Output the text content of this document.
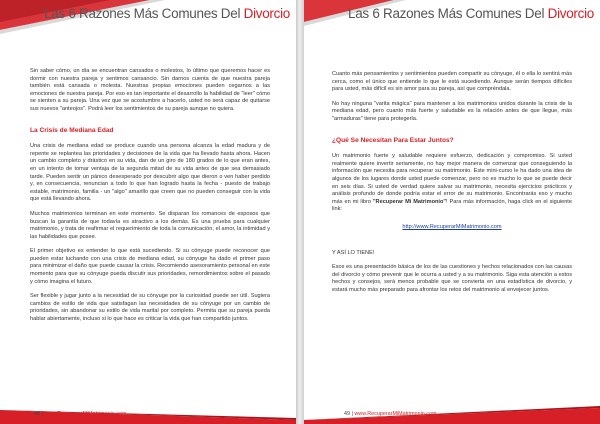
Las 6 Razones Más Comunes Del Divorcio

Sin saber cómo, un día se encuentran cansados o molestos, lo último que queremos hacer es dormir con nuestra pareja y sentimos cansancio. Sin darnos cuenta de que nuestra pareja también está cansada o molesta. Nuestras propias emociones pueden cegarnos a las emociones de nuestra pareja. Por eso es tan importante el desarrollo la habilidad de "leer" cómo se sienten a su pareja. Una vez que se acostumbre a hacerlo, usted no será capaz de quitarse sus nuevos "anteojos". Podrá leer los sentimientos de su pareja aunque no quiera.

La Crisis de Mediana Edad

Una crisis de mediana edad se produce cuando una persona alcanza la edad madura y de repente se replantea las prioridades y decisiones de la vida que ha llevado hasta ahora. Hacen un cambio completo y drástico en su vida, dan de un giro de 180 grados de lo que eran antes, en un intento de tomar ventaja de la segunda mitad de su vida antes de que sea demasiado tarde. Pueden sentir un pánico desesperado por descubrir algo que dieron o ven haber perdido y, en consecuencia, renuncian a todo lo que han logrado hasta la fecha - puesto de trabajo estable, matrimonio, familia - un "algo" amarillo que creen que no pueden conseguir con la vida que está llevando ahora.

Muchos matrimonios terminan en este momento. Se disparan los romances de esposos que buscan la garantía de que todavía es atractivo a los demás. Es una prueba para cualquier matrimonio, y trata de reafirmar el requerimiento de toda la comunicación, el amor, la intimidad y las habilidades que posee.

El primer objetivo es entender lo que está sucediendo. Si su cónyuge puede reconocer que pueden estar luchando con una crisis de mediana edad, su cónyuge ha dado el primer paso para minimizar el daño que puede causar la crisis. Recomiendo asesoramiento personal en este momento para que su cónyuge pueda discutir sus prioridades, remordimientos sobre el pasado y cómo imagina el futuro.

Ser flexible y jugar junto a la necesidad de su cónyuge por la curiosidad puede ser útil. Sugiera cambios de estilo de vida que satisfagan las necesidades de su cónyuge por un cambio de prioridades, sin abandonar su estilo de vida marital por completo. Permita que su pareja pueda hablar abiertamente, incluso si lo que hace es criticar la vida que han compartido juntos.

48 | www.RecuperarMiMatrimonio.com
Las 6 Razones Más Comunes Del Divorcio

Cuanto más pensamientos y sentimientos pueden compartir su cónyuge, él o ella lo sentirá más cerca, como el único que entiende lo que le está sucediendo. Aunque serán tiempos difíciles para usted, más difícil es sin amor para su pareja, así que compréndala.

No hay ninguna "varita mágica" para mantener a los matrimonios unidos durante la crisis de la mediana edad, pero cuanto más fuerte y saludable es la relación antes de que llegue, más "armaduras" tiene para protegerla.

¿Qué Se Necesitan Para Estar Juntos?

Un matrimonio fuerte y saludable requiere esfuerzo, dedicación y compromiso. Si usted realmente quiere invertir seriamente, no hay mejor manera de comenzar que conseguiendo la información que necesita para recuperar su matrimonio. Este mini-curso le ha dado una idea de algunos de los lugares donde usted puede comenzar, pero no es mucho lo que se puede decir en seis días. Si usted de verdad quiere salvar su matrimonio, necesita ejercicios prácticos y análisis profundo de donde podría estar el error de su matrimonio. Encontrarás eso y mucho más en mi libro "Recuperar Mi Matrimonio"! Para más información, haga click en el siguiente link:

http://www.RecuperarMiMatrimonio.com

Y ASÍ LO TIENE!

Esos es una presentación básica de los de las cuestiones y hechos relacionados con las causas del divorcio y cómo prevenir que le ocurra a usted y a su matrimonio. Siga esta atención a estos hechos y consejos, será menos probable que se convierta en una estadística de divorcio, y estará mucho más preparado para afrontar los retos del matrimonio al envejecer juntos.

49 | www.RecuperarMiMatrimonio.com
